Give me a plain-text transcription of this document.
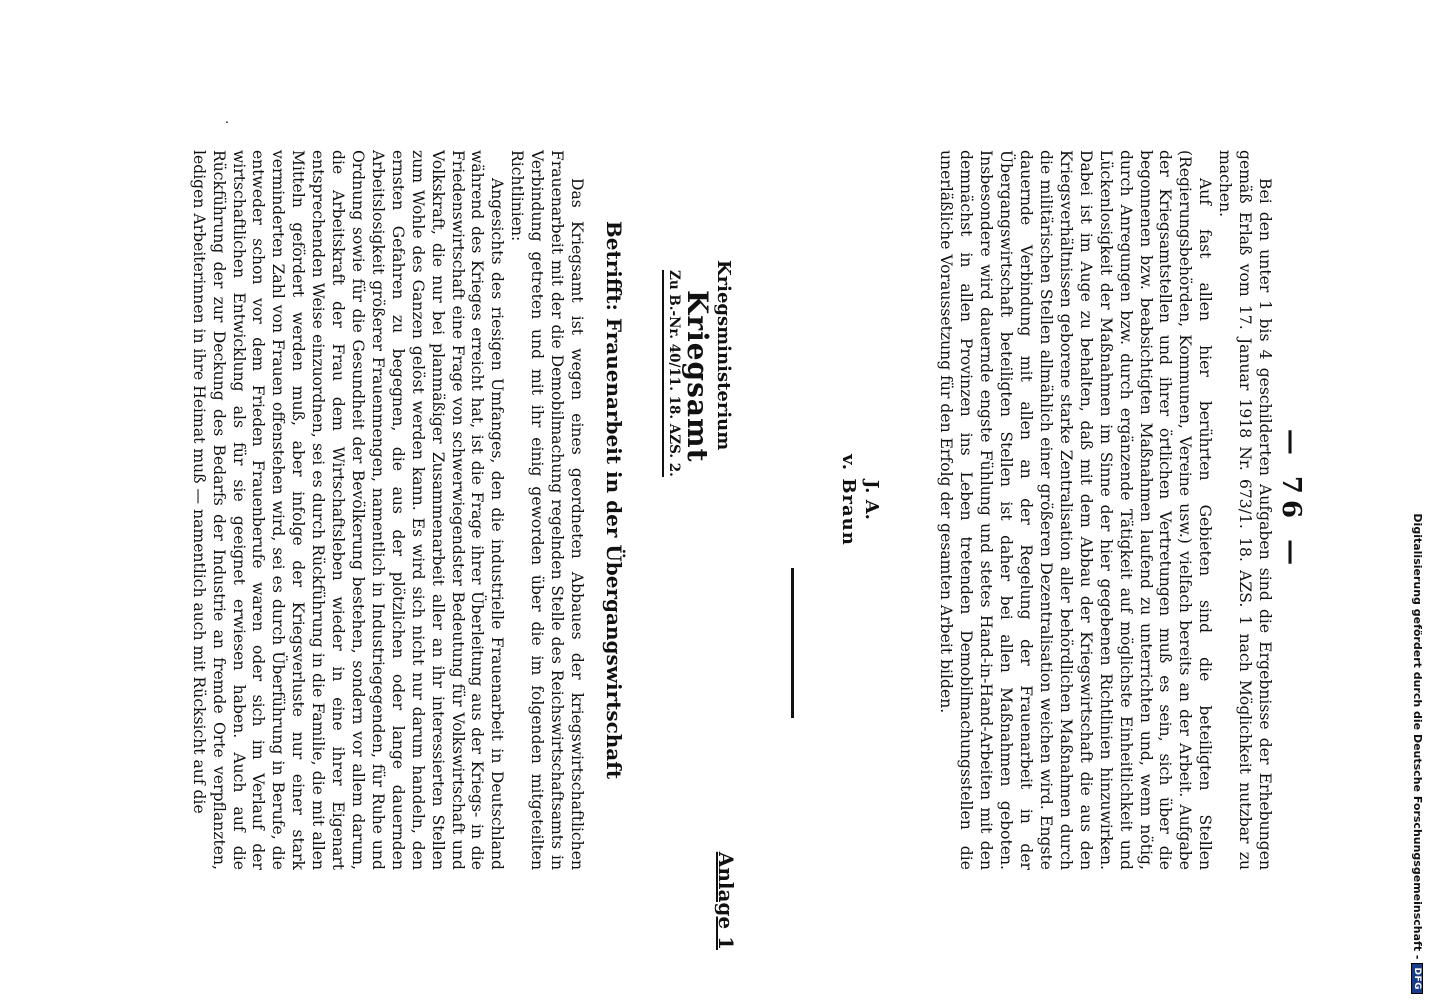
Digitalisierung gefördert durch die Deutsche Forschungsgemeinschaft -
DFG
— 76 —

Bei den unter 1 bis 4 geschilderten Aufgaben sind die Ergebnisse der Erhebungen gemäß Erlaß vom 17. Januar 1918 Nr. 673/1. 18. AZS. 1 nach Möglichkeit nutzbar zu machen.

Auf fast allen hier berührten Gebieten sind die beteiligten Stellen (Regierungsbehörden, Kommunen, Vereine usw.) vielfach bereits an der Arbeit. Aufgabe der Kriegsamtstellen und ihrer örtlichen Vertretungen muß es sein, sich über die begonnenen bzw. beabsichtigten Maßnahmen laufend zu unterrichten und, wenn nötig, durch Anregungen bzw. durch ergänzende Tätigkeit auf möglichste Einheitlichkeit und Lückenlosigkeit der Maßnahmen im Sinne der hier gegebenen Richtlinien hinzuwirken. Dabei ist im Auge zu behalten, daß mit dem Abbau der Kriegswirtschaft die aus den Kriegsverhältnissen geborene starke Zentralisation aller behördlichen Maßnahmen durch die militärischen Stellen allmählich einer größeren Dezentralisation weichen wird. Engste dauernde Verbindung mit allen an der Regelung der Frauenarbeit in der Übergangswirtschaft beteiligten Stellen ist daher bei allen Maßnahmen geboten. Insbesondere wird dauernde engste Fühlung und stetes Hand-in-Hand-Arbeiten mit den demnächst in allen Provinzen ins Leben tretenden Demobilmachungsstellen die unerläßliche Voraussetzung für den Erfolg der gesamten Arbeit bilden.

J. A.
v. Braun
Anlage 1
Kriegsministerium
Kriegsamt
Zu B.-Nr. 40/11. 18. AZS. 2.
Betrifft: Frauenarbeit in der Übergangswirtschaft

Das Kriegsamt ist wegen eines geordneten Abbaues der kriegswirtschaftlichen Frauenarbeit mit der die Demobilmachung regelnden Stelle des Reichswirtschaftsamts in Verbindung getreten und mit ihr einig geworden über die im folgenden mitgeteilten Richtlinien:

Angesichts des riesigen Umfanges, den die industrielle Frauenarbeit in Deutschland während des Krieges erreicht hat, ist die Frage ihrer Überleitung aus der Kriegs- in die Friedenswirtschaft eine Frage von schwerwiegendster Bedeutung für Volkswirtschaft und Volkskraft, die nur bei planmäßiger Zusammenarbeit aller an ihr interessierten Stellen zum Wohle des Ganzen gelöst werden kann. Es wird sich nicht nur darum handeln, den ernsten Gefahren zu begegnen, die aus der plötzlichen oder lange dauernden Arbeitslosigkeit größerer Frauenmengen, namentlich in Industriegegenden, für Ruhe und Ordnung sowie für die Gesundheit der Bevölkerung bestehen, sondern vor allem darum, die Arbeitskraft der Frau dem Wirtschaftsleben wieder in eine ihrer Eigenart entsprechenden Weise einzuordnen, sei es durch Rückführung in die Familie, die mit allen Mitteln gefördert werden muß, aber infolge der Kriegsverluste nur einer stark verminderten Zahl von Frauen offenstehen wird, sei es durch Überführung in Berufe, die entweder schon vor dem Frieden Frauenberufe waren oder sich im Verlauf der wirtschaftlichen Entwicklung als für sie geeignet erwiesen haben. Auch auf die Rückführung der zur Deckung des Bedarfs der Industrie an fremde Orte verpflanzten, ledigen Arbeiterinnen in ihre Heimat muß — namentlich auch mit Rücksicht auf die

·
